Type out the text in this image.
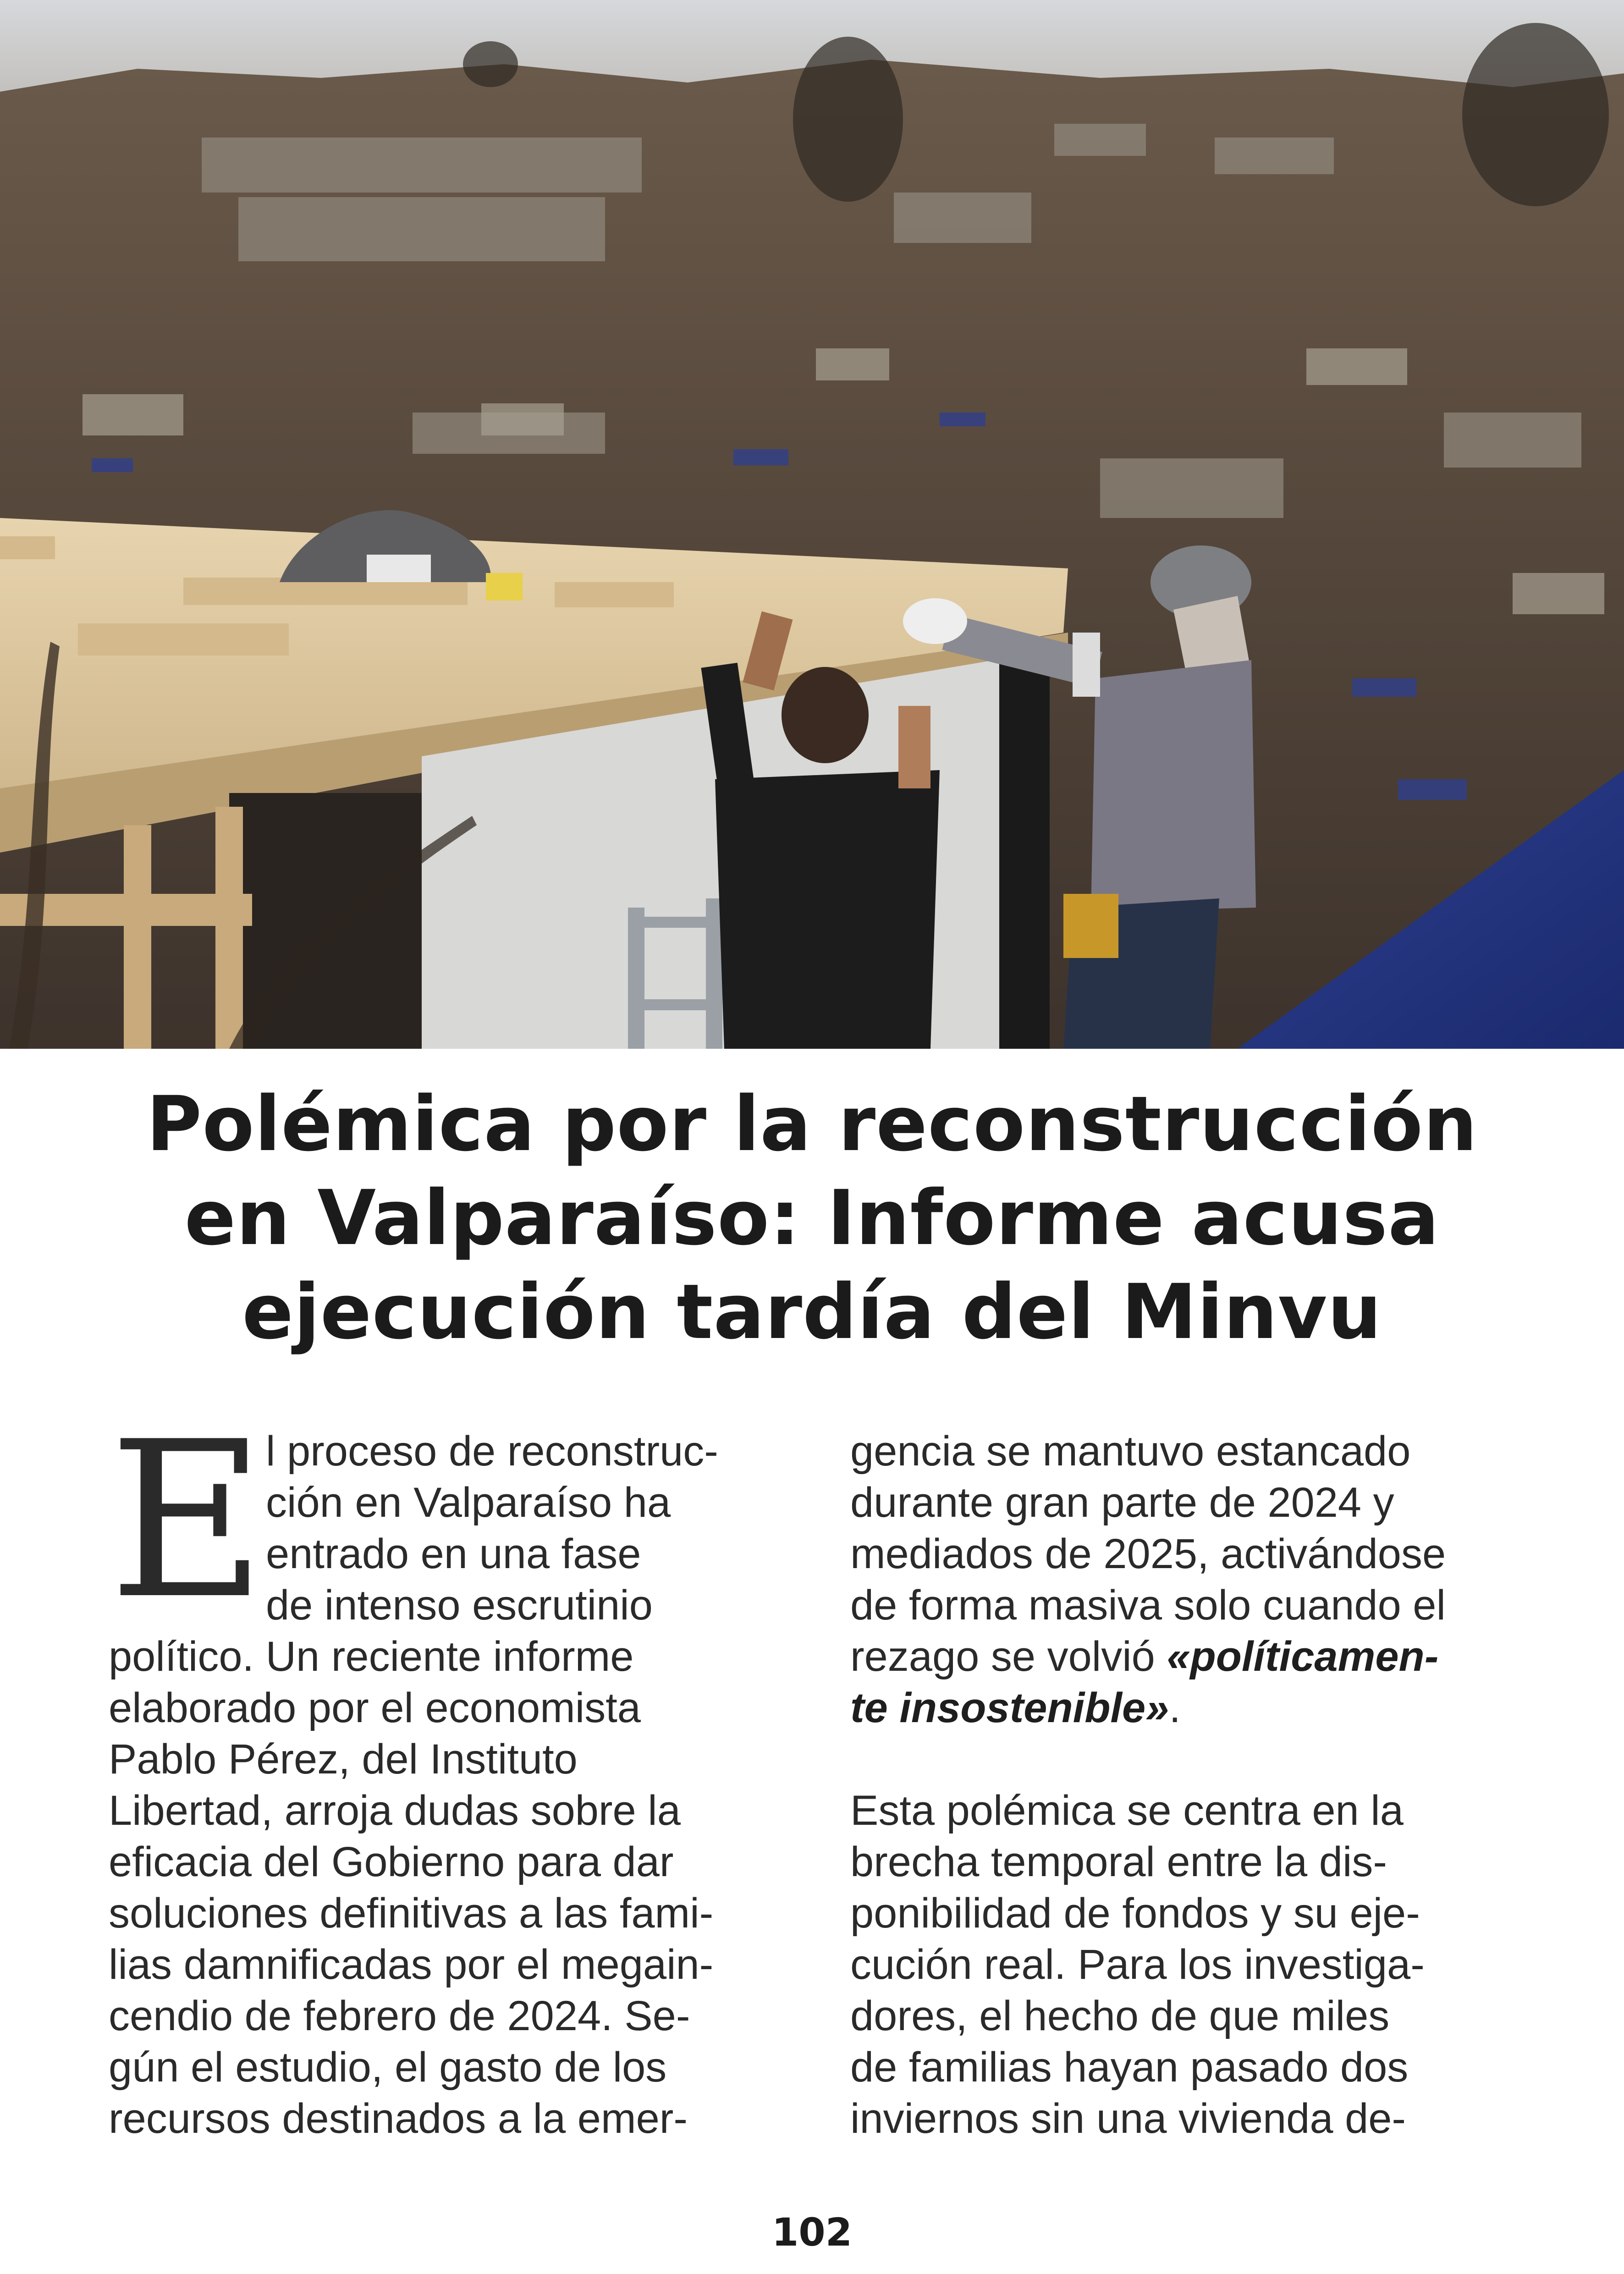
Polémica por la reconstrucción
en Valparaíso: Informe acusa
ejecución tardía del Minvu
E l proceso de reconstruc-
ción en Valparaíso ha
entrado en una fase
de intenso escrutinio
político. Un reciente informe
elaborado por el economista
Pablo Pérez, del Instituto
Libertad, arroja dudas sobre la
eficacia del Gobierno para dar
soluciones definitivas a las fami-
lias damnificadas por el megain-
cendio de febrero de 2024. Se-
gún el estudio, el gasto de los
recursos destinados a la emer-
gencia se mantuvo estancado
durante gran parte de 2024 y
mediados de 2025, activándose
de forma masiva solo cuando el
rezago se volvió «políticamen-
te insostenible».
Esta polémica se centra en la
brecha temporal entre la dis-
ponibilidad de fondos y su eje-
cución real. Para los investiga-
dores, el hecho de que miles
de familias hayan pasado dos
inviernos sin una vivienda de-
102
